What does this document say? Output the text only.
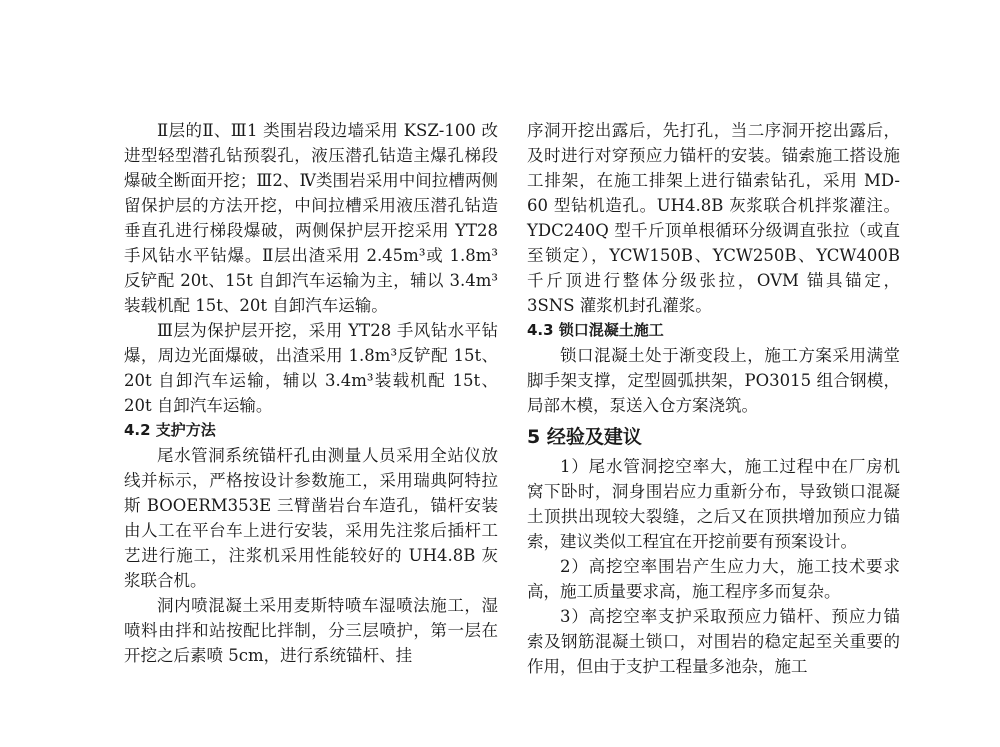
Ⅱ层的Ⅱ、Ⅲ1 类围岩段边墙采用 KSZ-100 改进型轻型潜孔钻预裂孔，液压潜孔钻造主爆孔梯段爆破全断面开挖；Ⅲ2、Ⅳ类围岩采用中间拉槽两侧留保护层的方法开挖，中间拉槽采用液压潜孔钻造垂直孔进行梯段爆破，两侧保护层开挖采用 YT28 手风钻水平钻爆。Ⅱ层出渣采用 2.45m³或 1.8m³反铲配 20t、15t 自卸汽车运输为主，辅以 3.4m³装载机配 15t、20t 自卸汽车运输。

Ⅲ层为保护层开挖，采用 YT28 手风钻水平钻爆，周边光面爆破，出渣采用 1.8m³反铲配 15t、20t 自卸汽车运输，辅以 3.4m³装载机配 15t、20t 自卸汽车运输。

4.2 支护方法

尾水管洞系统锚杆孔由测量人员采用全站仪放线并标示，严格按设计参数施工，采用瑞典阿特拉斯 BOOERM353E 三臂凿岩台车造孔，锚杆安装由人工在平台车上进行安装，采用先注浆后插杆工艺进行施工，注浆机采用性能较好的 UH4.8B 灰浆联合机。

洞内喷混凝土采用麦斯特喷车湿喷法施工，湿喷料由拌和站按配比拌制，分三层喷护，第一层在开挖之后素喷 5cm，进行系统锚杆、挂

序洞开挖出露后，先打孔，当二序洞开挖出露后，及时进行对穿预应力锚杆的安装。锚索施工搭设施工排架，在施工排架上进行锚索钻孔，采用 MD-60 型钻机造孔。UH4.8B 灰浆联合机拌浆灌注。YDC240Q 型千斤顶单根循环分级调直张拉（或直至锁定），YCW150B、YCW250B、YCW400B 千斤顶进行整体分级张拉，OVM 锚具锚定，3SNS 灌浆机封孔灌浆。

4.3 锁口混凝土施工

锁口混凝土处于渐变段上，施工方案采用满堂脚手架支撑，定型圆弧拱架，PO3015 组合钢模，局部木模，泵送入仓方案浇筑。

5 经验及建议

1）尾水管洞挖空率大，施工过程中在厂房机窝下卧时，洞身围岩应力重新分布，导致锁口混凝土顶拱出现较大裂缝，之后又在顶拱增加预应力锚索，建议类似工程宜在开挖前要有预案设计。

2）高挖空率围岩产生应力大，施工技术要求高，施工质量要求高，施工程序多而复杂。

3）高挖空率支护采取预应力锚杆、预应力锚索及钢筋混凝土锁口，对围岩的稳定起至关重要的作用，但由于支护工程量多池杂，施工
